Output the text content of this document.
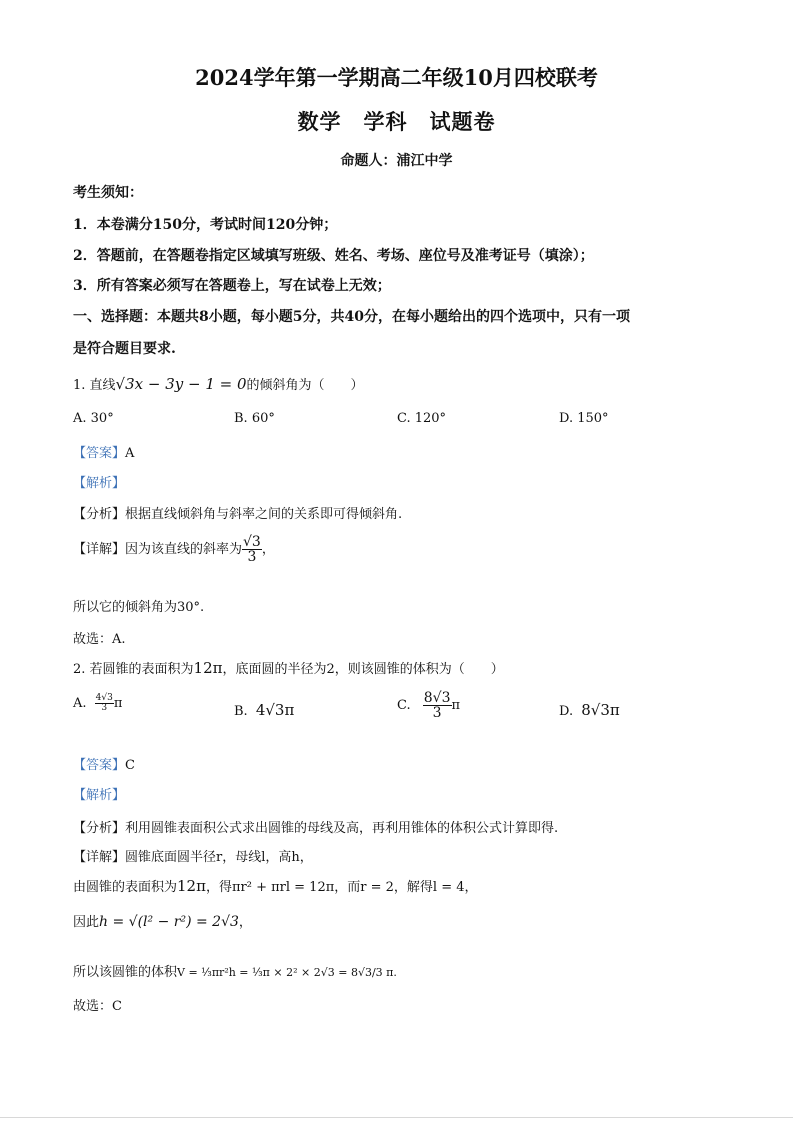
2024学年第一学期高二年级10月四校联考
数学　学科　试题卷
命题人：浦江中学
考生须知：
1．本卷满分150分，考试时间120分钟；
2．答题前，在答题卷指定区域填写班级、姓名、考场、座位号及准考证号（填涂）；
3．所有答案必须写在答题卷上，写在试卷上无效；
一、选择题：本题共8小题，每小题5分，共40分，在每小题给出的四个选项中，只有一项
是符合题目要求.
1. 直线√3x − 3y − 1 = 0的倾斜角为（　　）
A. 30°	B. 60°	C. 120°	D. 150°
【答案】A
【解析】
【分析】根据直线倾斜角与斜率之间的关系即可得倾斜角.
【详解】因为该直线的斜率为 $\frac{√3}{3}$ ，
所以它的倾斜角为30°.
故选：A.
2. 若圆锥的表面积为12π，底面圆的半径为2，则该圆锥的体积为（　　）
A. $\frac{4√3}{3}$ π
B. 4√3π	C. $\frac{8√3}{3}$ π	D. 8√3π
【答案】C
【解析】
【分析】利用圆锥表面积公式求出圆锥的母线及高，再利用锥体的体积公式计算即得.
【详解】圆锥底面圆半径r，母线l，高h，
由圆锥的表面积为12π，得πr² + πrl = 12π，而r = 2，解得l = 4，
因此h = √(l² − r²) = 2√3，
所以该圆锥的体积V = ⅓πr²h = ⅓π × 2² × 2√3 = 8√3/3 π.
故选：C
